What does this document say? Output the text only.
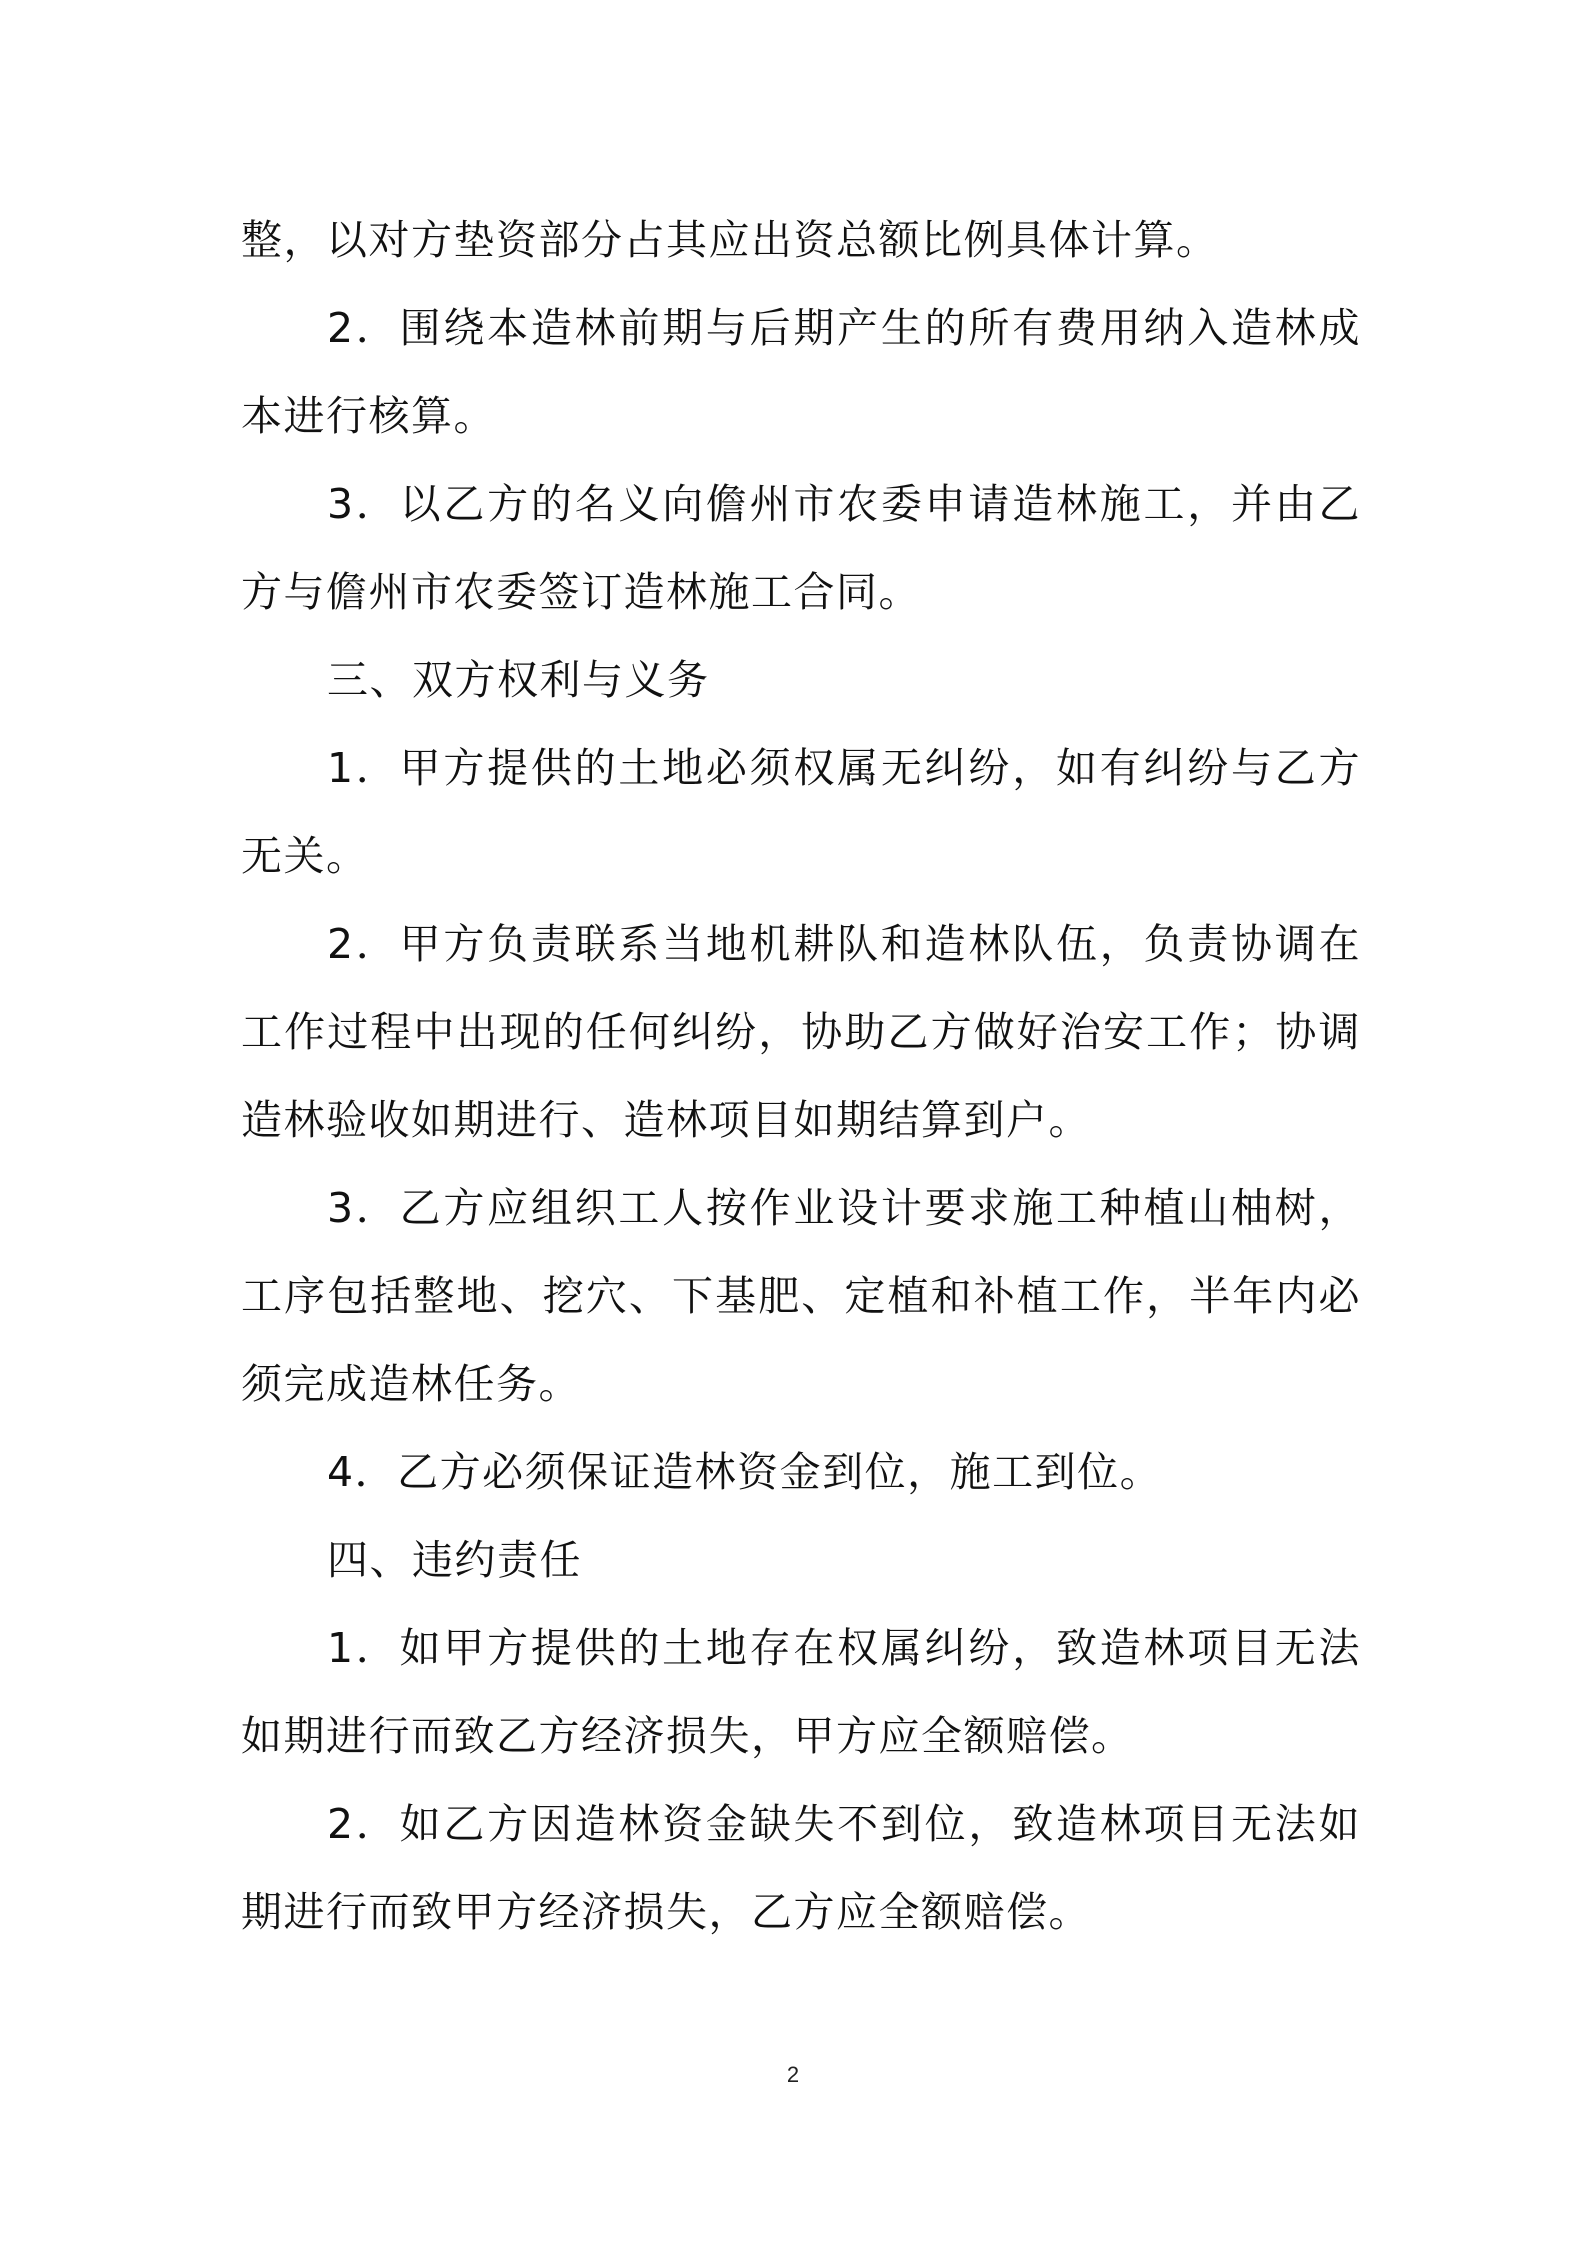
整，以对方垫资部分占其应出资总额比例具体计算。

2．围绕本造林前期与后期产生的所有费用纳入造林成本进行核算。

3．以乙方的名义向儋州市农委申请造林施工，并由乙方与儋州市农委签订造林施工合同。

三、双方权利与义务

1．甲方提供的土地必须权属无纠纷，如有纠纷与乙方无关。

2．甲方负责联系当地机耕队和造林队伍，负责协调在工作过程中出现的任何纠纷，协助乙方做好治安工作；协调造林验收如期进行、造林项目如期结算到户。

3．乙方应组织工人按作业设计要求施工种植山柚树，工序包括整地、挖穴、下基肥、定植和补植工作，半年内必须完成造林任务。

4．乙方必须保证造林资金到位，施工到位。

四、违约责任

1．如甲方提供的土地存在权属纠纷，致造林项目无法如期进行而致乙方经济损失，甲方应全额赔偿。

2．如乙方因造林资金缺失不到位，致造林项目无法如期进行而致甲方经济损失，乙方应全额赔偿。

2
